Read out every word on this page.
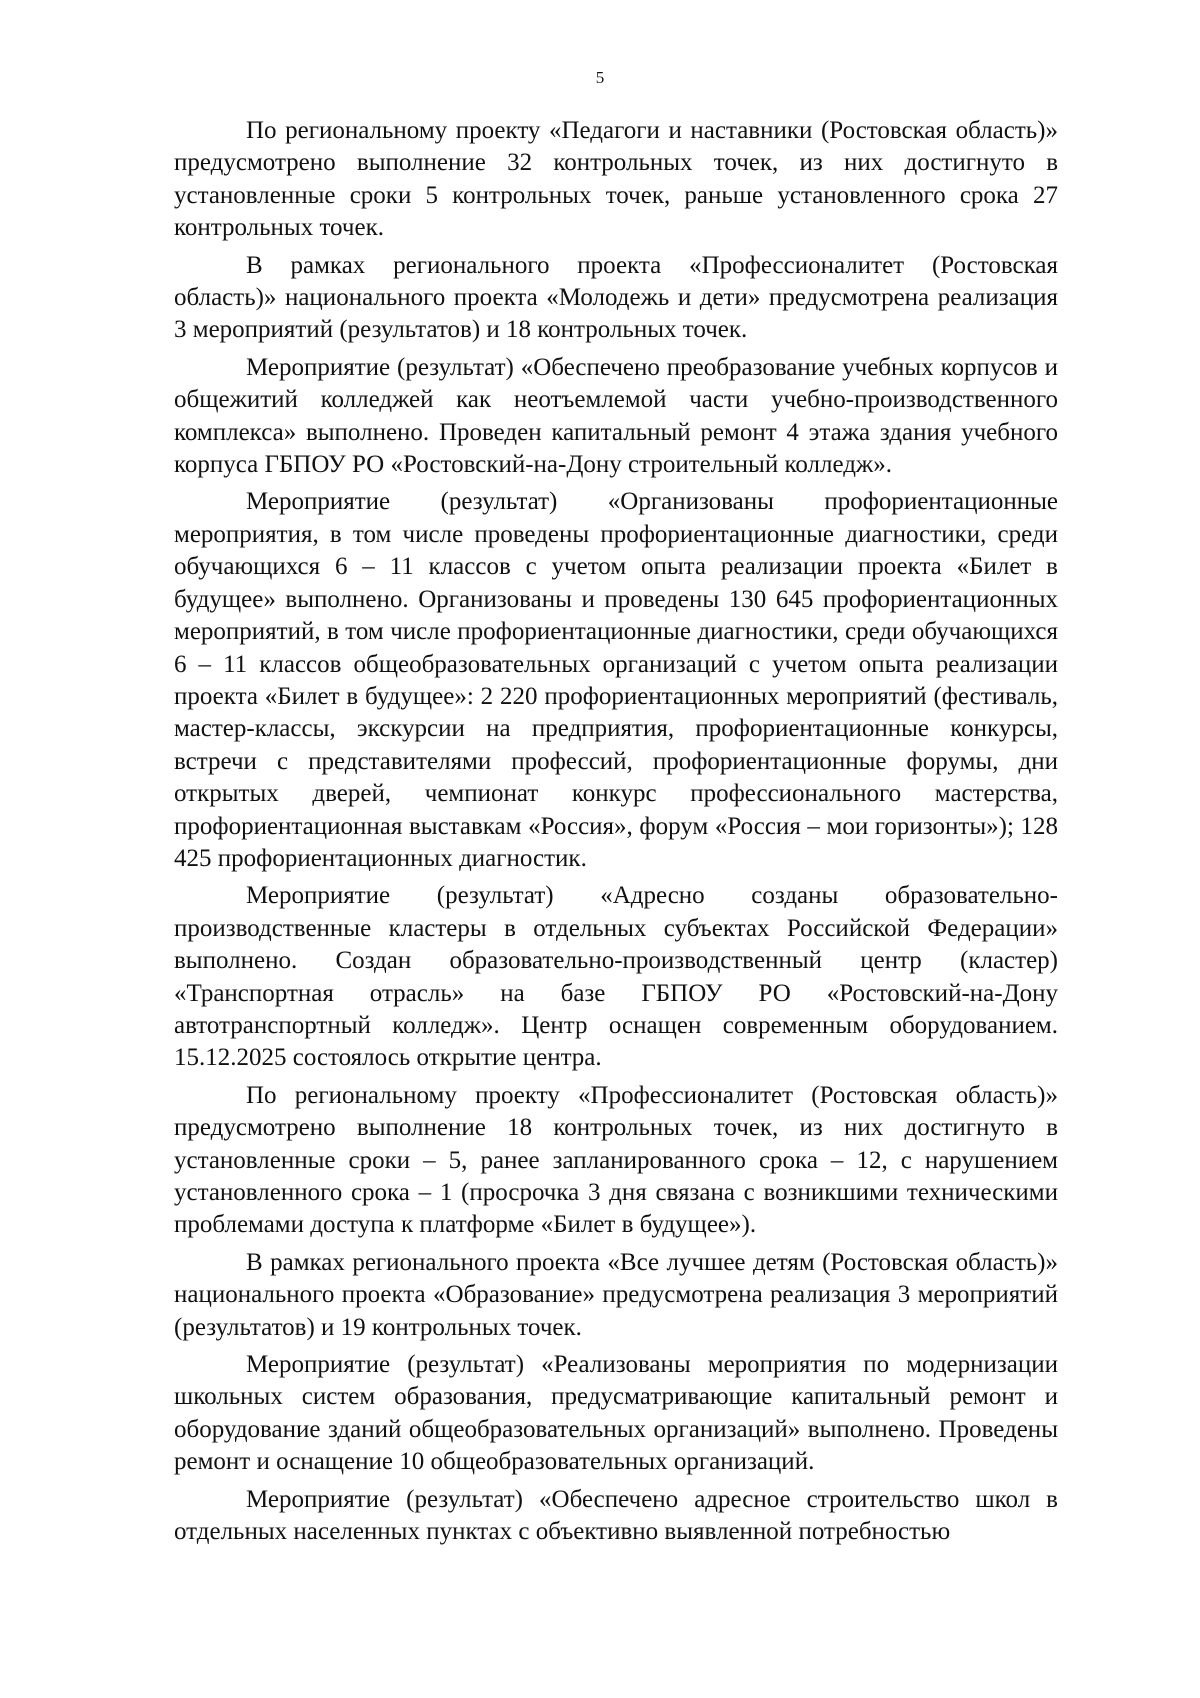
5

По региональному проекту «Педагоги и наставники (Ростовская область)» предусмотрено выполнение 32 контрольных точек, из них достигнуто в установленные сроки 5 контрольных точек, раньше установленного срока 27 контрольных точек.

В рамках регионального проекта «Профессионалитет (Ростовская область)» национального проекта «Молодежь и дети» предусмотрена реализация 3 мероприятий (результатов) и 18 контрольных точек.

Мероприятие (результат) «Обеспечено преобразование учебных корпусов и общежитий колледжей как неотъемлемой части учебно-производственного комплекса» выполнено. Проведен капитальный ремонт 4 этажа здания учебного корпуса ГБПОУ РО «Ростовский-на-Дону строительный колледж».

Мероприятие (результат) «Организованы профориентационные мероприятия, в том числе проведены профориентационные диагностики, среди обучающихся 6 – 11 классов с учетом опыта реализации проекта «Билет в будущее» выполнено. Организованы и проведены 130 645 профориентационных мероприятий, в том числе профориентационные диагностики, среди обучающихся 6 – 11 классов общеобразовательных организаций с учетом опыта реализации проекта «Билет в будущее»: 2 220 профориентационных мероприятий (фестиваль, мастер-классы, экскурсии на предприятия, профориентационные конкурсы, встречи с представителями профессий, профориентационные форумы, дни открытых дверей, чемпионат конкурс профессионального мастерства, профориентационная выставкам «Россия», форум «Россия – мои горизонты»); 128 425 профориентационных диагностик.

Мероприятие (результат) «Адресно созданы образовательно-производственные кластеры в отдельных субъектах Российской Федерации» выполнено. Создан образовательно-производственный центр (кластер) «Транспортная отрасль» на базе ГБПОУ РО «Ростовский-на-Дону автотранспортный колледж». Центр оснащен современным оборудованием. 15.12.2025 состоялось открытие центра.

По региональному проекту «Профессионалитет (Ростовская область)» предусмотрено выполнение 18 контрольных точек, из них достигнуто в установленные сроки – 5, ранее запланированного срока – 12, с нарушением установленного срока – 1 (просрочка 3 дня связана с возникшими техническими проблемами доступа к платформе «Билет в будущее»).

В рамках регионального проекта «Все лучшее детям (Ростовская область)» национального проекта «Образование» предусмотрена реализация 3 мероприятий (результатов) и 19 контрольных точек.

Мероприятие (результат) «Реализованы мероприятия по модернизации школьных систем образования, предусматривающие капитальный ремонт и оборудование зданий общеобразовательных организаций» выполнено. Проведены ремонт и оснащение 10 общеобразовательных организаций.

Мероприятие (результат) «Обеспечено адресное строительство школ в отдельных населенных пунктах с объективно выявленной потребностью
